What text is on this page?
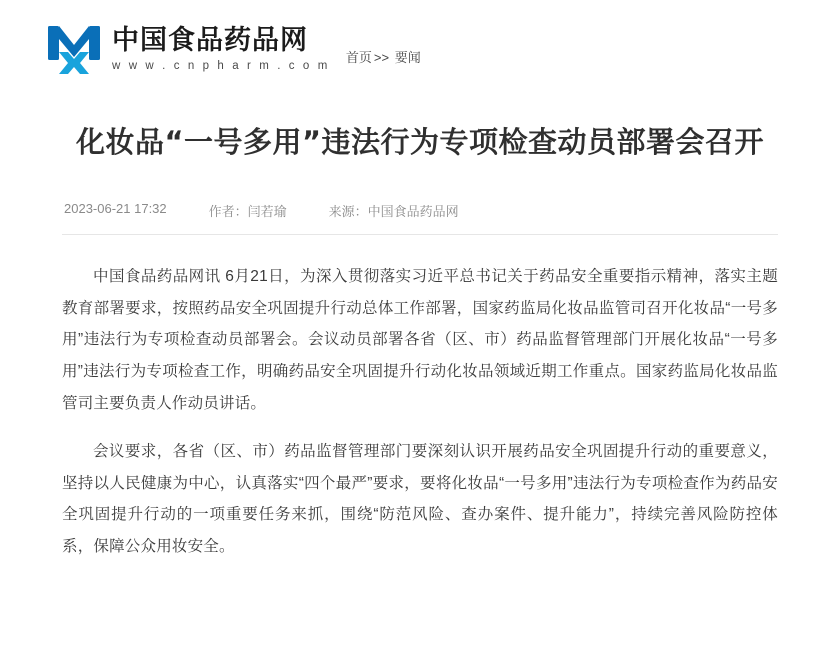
中国食品药品网
w w w . c n p h a r m . c o m
首页 >> 要闻
化妆品“一号多用”违法行为专项检查动员部署会召开
2023-06-21 17:32	作者：闫若瑜	来源：中国食品药品网

中国食品药品网讯 6月21日，为深入贯彻落实习近平总书记关于药品安全重要指示精神，落实主题教育部署要求，按照药品安全巩固提升行动总体工作部署，国家药监局化妆品监管司召开化妆品“一号多用”违法行为专项检查动员部署会。会议动员部署各省（区、市）药品监督管理部门开展化妆品“一号多用”违法行为专项检查工作，明确药品安全巩固提升行动化妆品领域近期工作重点。国家药监局化妆品监管司主要负责人作动员讲话。

会议要求，各省（区、市）药品监督管理部门要深刻认识开展药品安全巩固提升行动的重要意义，坚持以人民健康为中心，认真落实“四个最严”要求，要将化妆品“一号多用”违法行为专项检查作为药品安全巩固提升行动的一项重要任务来抓，围绕“防范风险、查办案件、提升能力”，持续完善风险防控体系，保障公众用妆安全。
